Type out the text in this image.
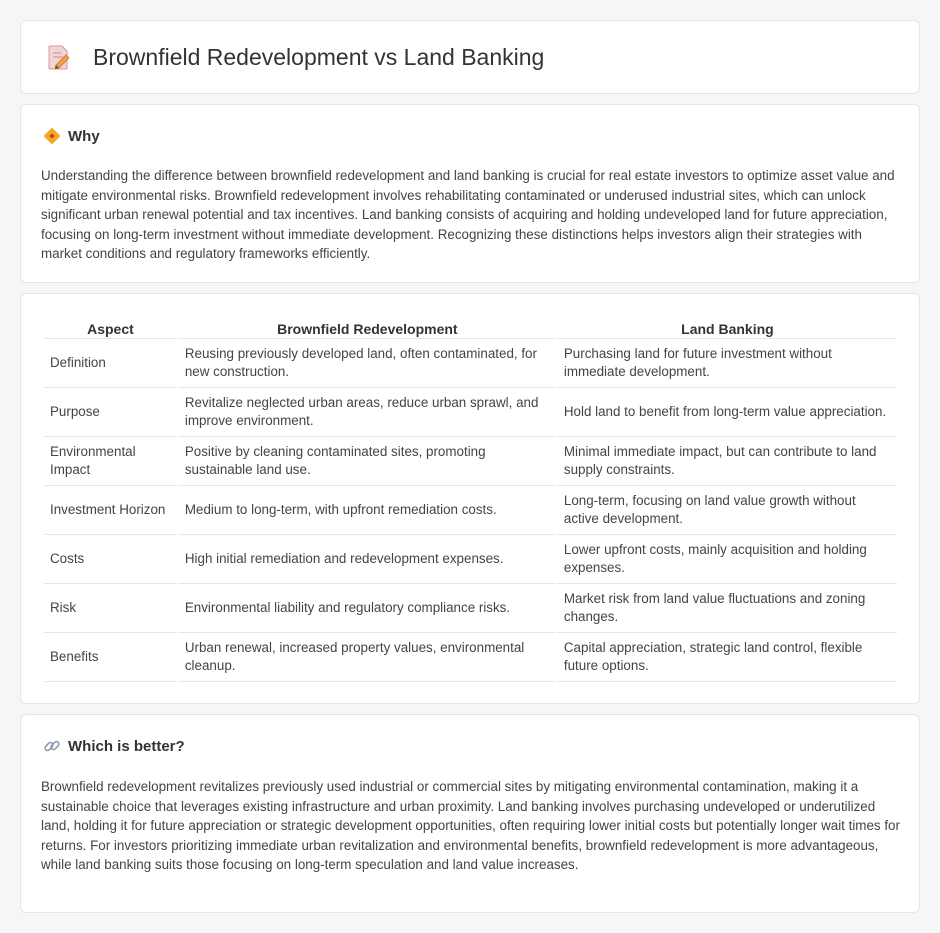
Brownfield Redevelopment vs Land Banking
Why

Understanding the difference between brownfield redevelopment and land banking is crucial for real estate investors to optimize asset value and mitigate environmental risks. Brownfield redevelopment involves rehabilitating contaminated or underused industrial sites, which can unlock significant urban renewal potential and tax incentives. Land banking consists of acquiring and holding undeveloped land for future appreciation, focusing on long-term investment without immediate development. Recognizing these distinctions helps investors align their strategies with market conditions and regulatory frameworks efficiently.

Aspect	Brownfield Redevelopment	Land Banking
Definition	Reusing previously developed land, often contaminated, for new construction.	Purchasing land for future investment without immediate development.
Purpose	Revitalize neglected urban areas, reduce urban sprawl, and improve environment.	Hold land to benefit from long-term value appreciation.
Environmental Impact	Positive by cleaning contaminated sites, promoting sustainable land use.	Minimal immediate impact, but can contribute to land supply constraints.
Investment Horizon	Medium to long-term, with upfront remediation costs.	Long-term, focusing on land value growth without active development.
Costs	High initial remediation and redevelopment expenses.	Lower upfront costs, mainly acquisition and holding expenses.
Risk	Environmental liability and regulatory compliance risks.	Market risk from land value fluctuations and zoning changes.
Benefits	Urban renewal, increased property values, environmental cleanup.	Capital appreciation, strategic land control, flexible future options.
Which is better?

Brownfield redevelopment revitalizes previously used industrial or commercial sites by mitigating environmental contamination, making it a sustainable choice that leverages existing infrastructure and urban proximity. Land banking involves purchasing undeveloped or underutilized land, holding it for future appreciation or strategic development opportunities, often requiring lower initial costs but potentially longer wait times for returns. For investors prioritizing immediate urban revitalization and environmental benefits, brownfield redevelopment is more advantageous, while land banking suits those focusing on long-term speculation and land value increases.
